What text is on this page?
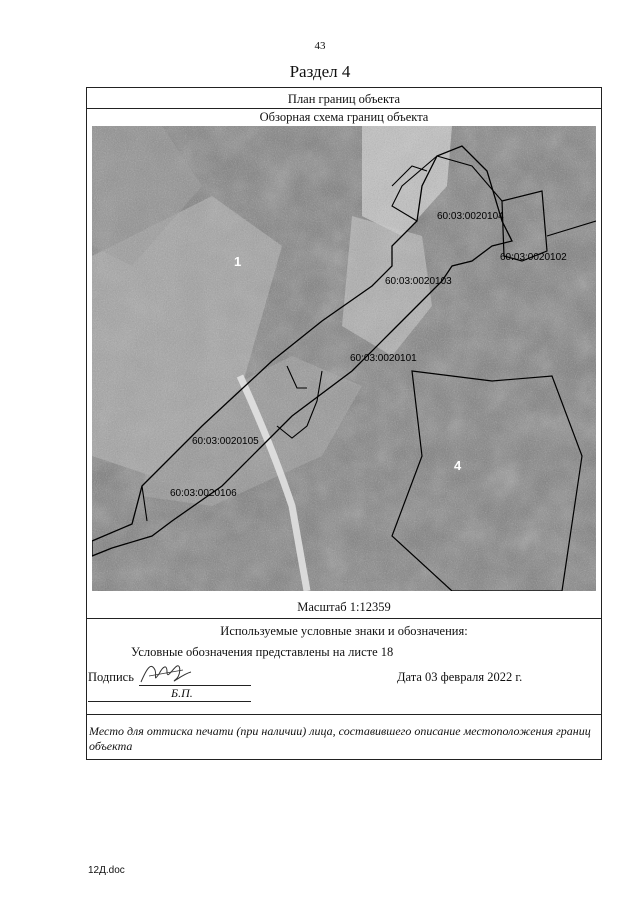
43
Раздел 4
План границ объекта
Обзорная схема границ объекта
60:03:0020104
60:03:0020102
60:03:0020103
60:03:0020101
60:03:0020105
60:03:0020106
1
4
Масштаб 1:12359
Используемые условные знаки и обозначения:
Условные обозначения представлены на листе 18
Подпись
Б.П.
Дата 03 февраля 2022 г.
Место для оттиска печати (при наличии) лица, составившего описание местоположения границ объекта
12Д.doc
